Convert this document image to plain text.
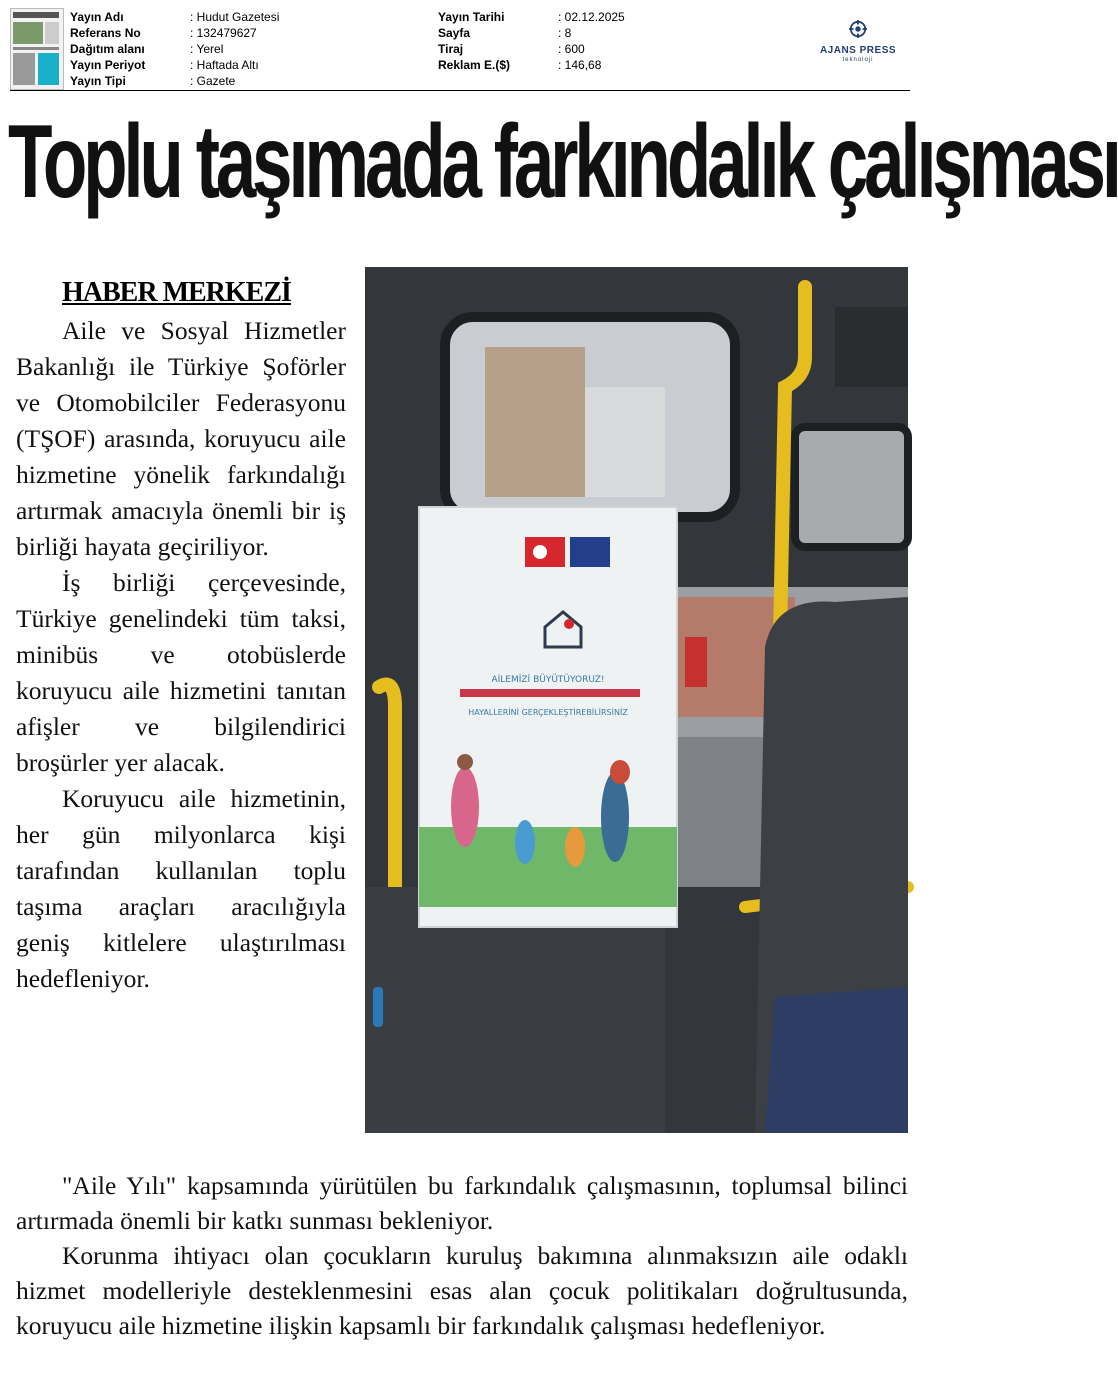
Yayın Adı	: Hudut Gazetesi
Referans No	: 132479627
Dağıtım alanı	: Yerel
Yayın Periyot	: Haftada Altı
Yayın Tipi	: Gazete
Yayın Tarihi	: 02.12.2025
Sayfa	: 8
Tiraj	: 600
Reklam E.($)	: 146,68
AJANS PRESS
teknoloji
Toplu taşımada farkındalık çalışması
HABER MERKEZİ

Aile ve Sosyal Hizmetler Bakanlığı ile Türkiye Şoförler ve Otomobilciler Federasyonu (TŞOF) arasında, koruyucu aile hizmetine yönelik farkındalığı artırmak amacıyla önemli bir iş birliği hayata geçiriliyor.

İş birliği çerçevesinde, Türkiye genelindeki tüm taksi, minibüs ve otobüslerde koruyucu aile hizmetini tanıtan afişler ve bilgilendirici broşürler yer alacak.

Koruyucu aile hizmetinin, her gün milyonlarca kişi tarafından kullanılan toplu taşıma araçları aracılığıyla geniş kitlelere ulaştırılması hedefleniyor.

"Aile Yılı" kapsamında yürütülen bu farkındalık çalışmasının, toplumsal bilinci artırmada önemli bir katkı sunması bekleniyor.

Korunma ihtiyacı olan çocukların kuruluş bakımına alınmaksızın aile odaklı hizmet modelleriyle desteklenmesini esas alan çocuk politikaları doğrultusunda, koruyucu aile hizmetine ilişkin kapsamlı bir farkındalık çalışması hedefleniyor.

AİLEMİZİ BÜYÜTÜYORUZ!
HAYALLERİNİ GERÇEKLEŞTİREBİLİRSİNİZ
